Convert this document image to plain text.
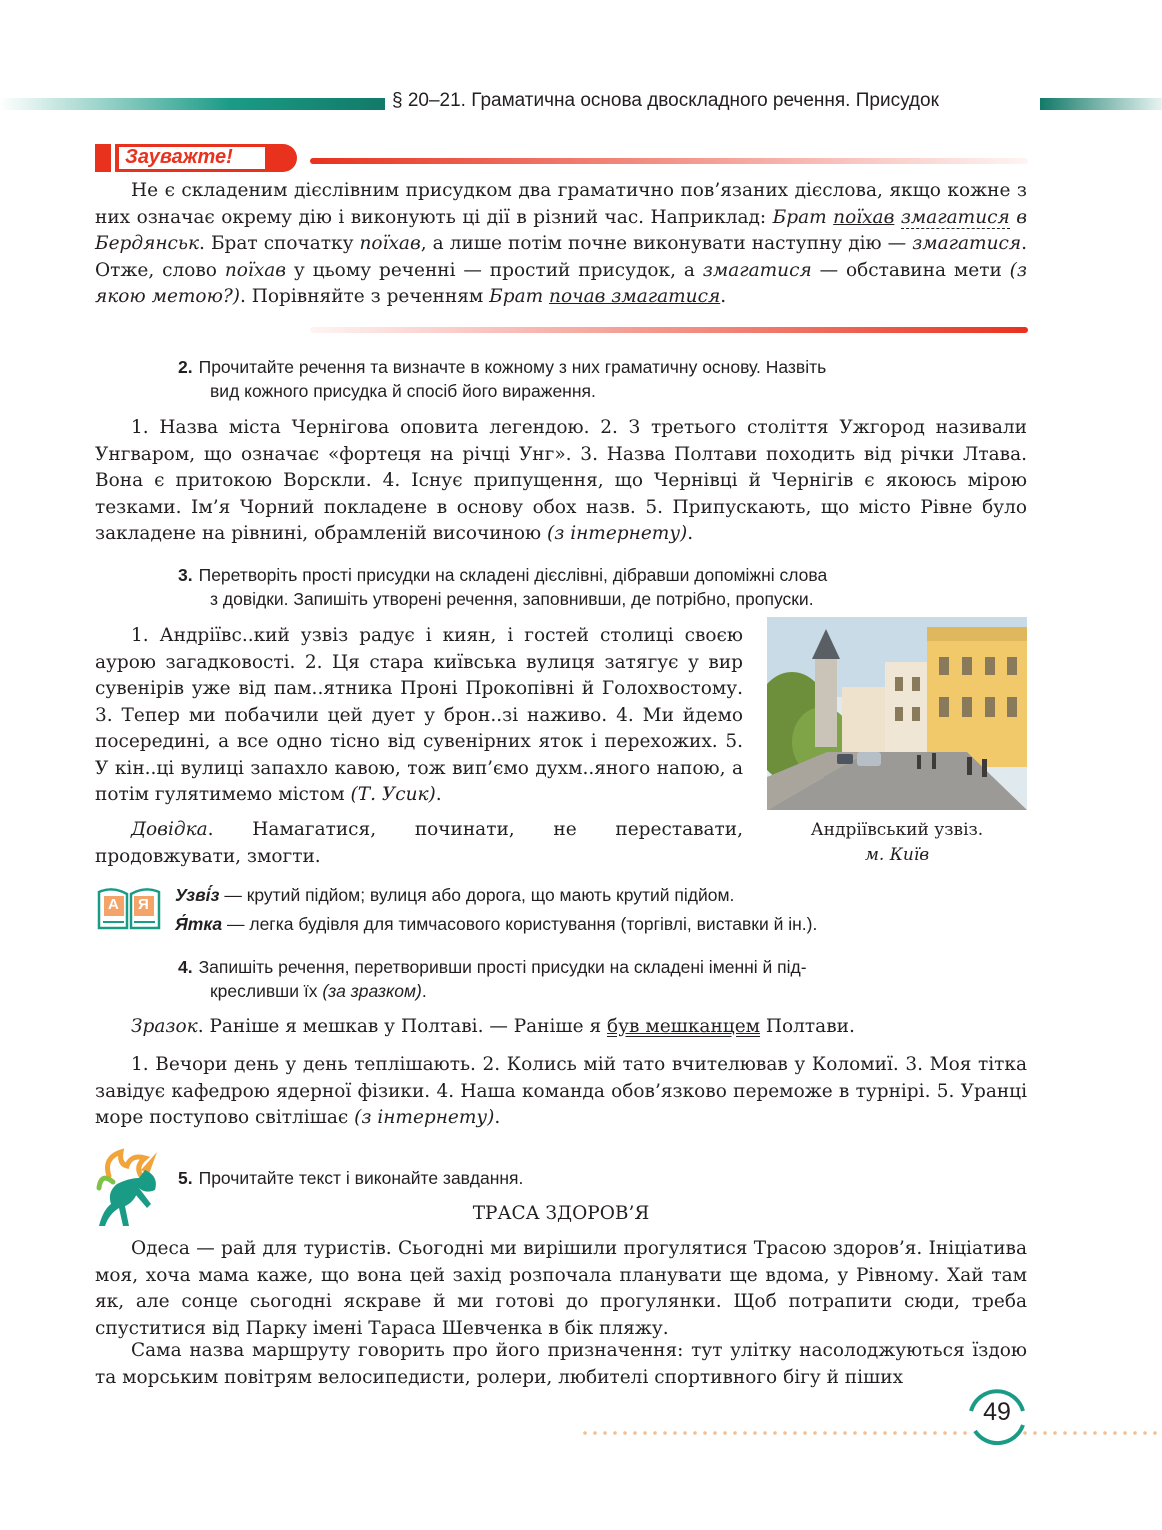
§ 20–21. Граматична основа двоскладного речення. Присудок
Зауважте!
Не є складеним дієслівним присудком два граматично пов’язаних дієслова, якщо кожне з них означає окрему дію і виконують ці дії в різний час. Наприклад: Брат поїхав змагатися в Бердянськ. Брат спочатку поїхав, а лише потім почне виконувати наступну дію — змагатися. Отже, слово поїхав у цьому реченні — простий присудок, а змагатися — обставина мети (з якою метою?). Порівняйте з реченням Брат почав змагатися.
2. Прочитайте речення та визначте в кожному з них граматичну основу. Назвіть
вид кожного присудка й спосіб його вираження.
1. Назва міста Чернігова оповита легендою. 2. З третього століття Ужгород називали Унгваром, що означає «фортеця на річці Унг». 3. Назва Полтави походить від річки Лтава. Вона є притокою Ворскли. 4. Існує припущення, що Чернівці й Чернігів є якоюсь мірою тезками. Ім’я Чорний покладене в основу обох назв. 5. Припускають, що місто Рівне було закладене на рівнині, обрамленій височиною (з інтернету).
3. Перетворіть прості присудки на складені дієслівні, дібравши допоміжні слова
з довідки. Запишіть утворені речення, заповнивши, де потрібно, пропуски.
1. Андріївс..кий узвіз радує і киян, і гостей столиці своєю аурою загадковості. 2. Ця стара київська вулиця затягує у вир сувенірів уже від пам..ятника Проні Прокопівні й Голохвостому. 3. Тепер ми побачили цей дует у брон..зі наживо. 4. Ми йдемо посередині, а все одно тісно від сувенірних яток і перехожих. 5. У кін..ці вулиці запахло кавою, тож вип’ємо духм..яного напою, а потім гулятимемо містом (Т. Усик).
Довідка. Намагатися, починати, не переставати, продовжувати, змогти.
Андріївський узвіз.
м. Київ
А Я Узві́з — крутий підйом; вулиця або дорога, що мають крутий підйом.
Я́тка — легка будівля для тимчасового користування (торгівлі, виставки й ін.).
4. Запишіть речення, перетворивши прості присудки на складені іменні й під-
кресливши їх (за зразком).
Зразок. Раніше я мешкав у Полтаві. — Раніше я був мешканцем Полтави.
1. Вечори день у день теплішають. 2. Колись мій тато вчителював у Коломиї. 3. Моя тітка завідує кафедрою ядерної фізики. 4. Наша команда обов’язково переможе в турнірі. 5. Уранці море поступово світлішає (з інтернету).
5. Прочитайте текст і виконайте завдання.
ТРАСА ЗДОРОВ’Я
Одеса — рай для туристів. Сьогодні ми вирішили прогулятися Трасою здоров’я. Ініціатива моя, хоча мама каже, що вона цей захід розпочала планувати ще вдома, у Рівному. Хай там як, але сонце сьогодні яскраве й ми готові до прогулянки. Щоб потрапити сюди, треба спуститися від Парку імені Тараса Шевченка в бік пляжу.
Сама назва маршруту говорить про його призначення: тут улітку насолоджуються їздою та морським повітрям велосипедисти, ролери, любителі спортивного бігу й піших
49
